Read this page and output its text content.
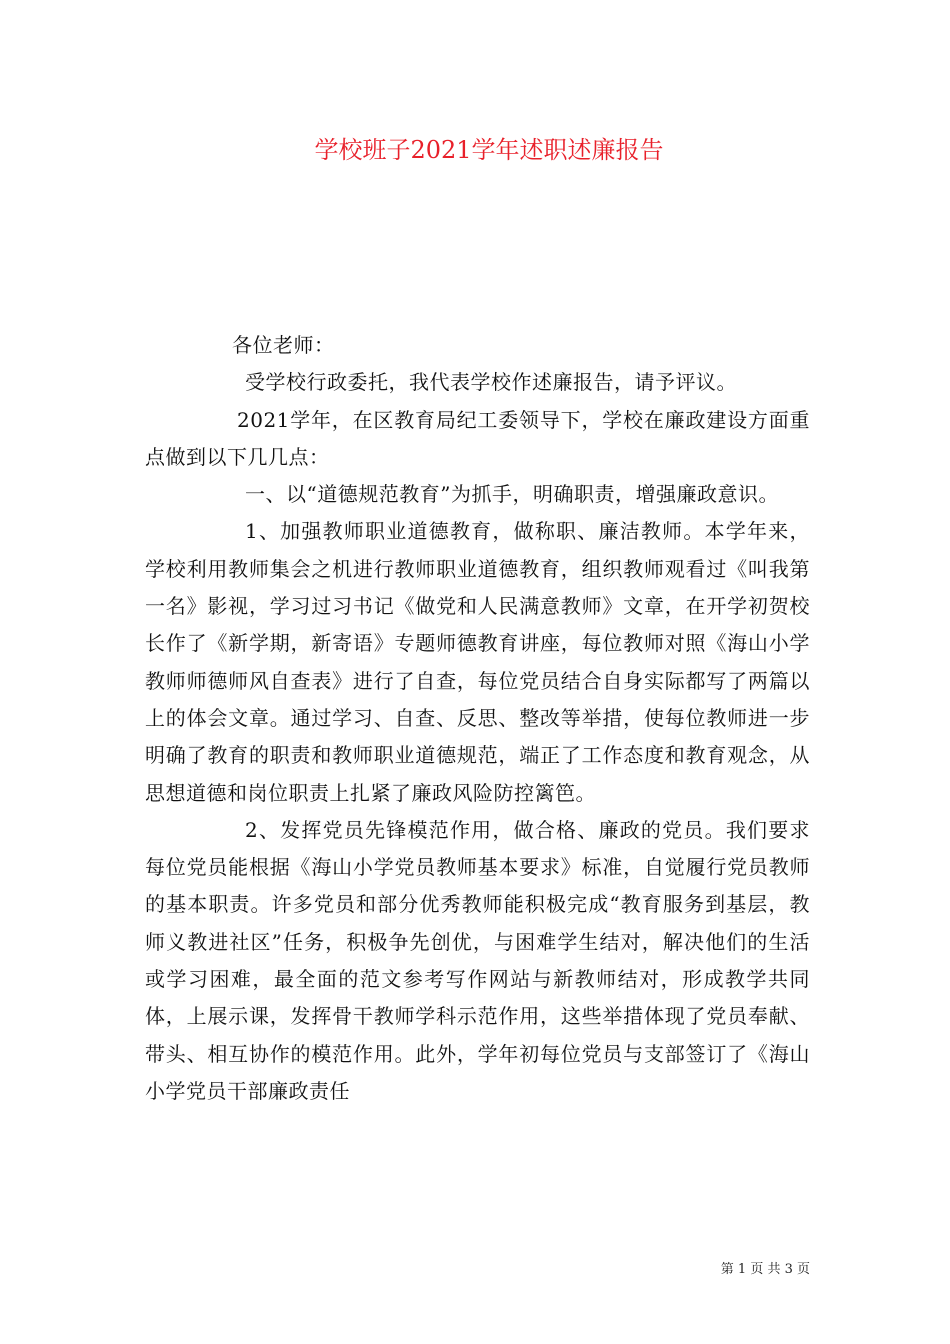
学校班子2021学年述职述廉报告

各位老师：

受学校行政委托，我代表学校作述廉报告，请予评议。

2021学年，在区教育局纪工委领导下，学校在廉政建设方面重点做到以下几几点：

一、以“道德规范教育”为抓手，明确职责，增强廉政意识。

1、加强教师职业道德教育，做称职、廉洁教师。本学年来，学校利用教师集会之机进行教师职业道德教育，组织教师观看过《叫我第一名》影视，学习过习书记《做党和人民满意教师》文章，在开学初贺校长作了《新学期，新寄语》专题师德教育讲座，每位教师对照《海山小学教师师德师风自查表》进行了自查，每位党员结合自身实际都写了两篇以上的体会文章。通过学习、自查、反思、整改等举措，使每位教师进一步明确了教育的职责和教师职业道德规范，端正了工作态度和教育观念，从思想道德和岗位职责上扎紧了廉政风险防控篱笆。

2、发挥党员先锋模范作用，做合格、廉政的党员。我们要求每位党员能根据《海山小学党员教师基本要求》标准，自觉履行党员教师的基本职责。许多党员和部分优秀教师能积极完成“教育服务到基层，教师义教进社区”任务，积极争先创优，与困难学生结对，解决他们的生活或学习困难，最全面的范文参考写作网站与新教师结对，形成教学共同体，上展示课，发挥骨干教师学科示范作用，这些举措体现了党员奉献、带头、相互协作的模范作用。此外，学年初每位党员与支部签订了《海山小学党员干部廉政责任

第 1 页 共 3 页
